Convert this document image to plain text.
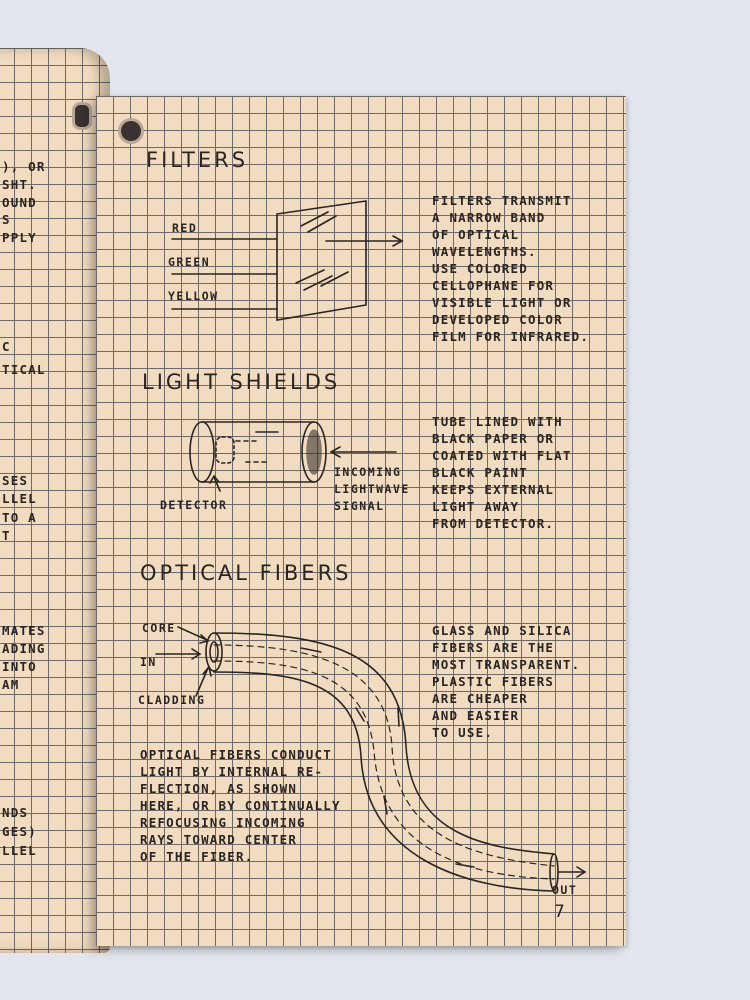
), OR
SHT.
OUND
S
PPLY
C
TICAL
SES
LLEL
TO A
T
MATES
ADING
INTO
AM
NDS
GES)
LLEL
FILTERS
RED
GREEN
YELLOW
FILTERS TRANSMIT
A NARROW BAND
OF OPTICAL
WAVELENGTHS.
USE COLORED
CELLOPHANE FOR
VISIBLE LIGHT OR
DEVELOPED COLOR
FILM FOR INFRARED.
LIGHT SHIELDS
DETECTOR
INCOMING
LIGHTWAVE
SIGNAL
TUBE LINED WITH
BLACK PAPER OR
COATED WITH FLAT
BLACK PAINT
KEEPS EXTERNAL
LIGHT AWAY
FROM DETECTOR.
OPTICAL FIBERS
CORE
IN
CLADDING
GLASS AND SILICA
FIBERS ARE THE
MOST TRANSPARENT.
PLASTIC FIBERS
ARE CHEAPER
AND EASIER
TO USE.
OPTICAL FIBERS CONDUCT
LIGHT BY INTERNAL RE-
FLECTION, AS SHOWN
HERE, OR BY CONTINUALLY
REFOCUSING INCOMING
RAYS TOWARD CENTER
OF THE FIBER.
OUT
7
